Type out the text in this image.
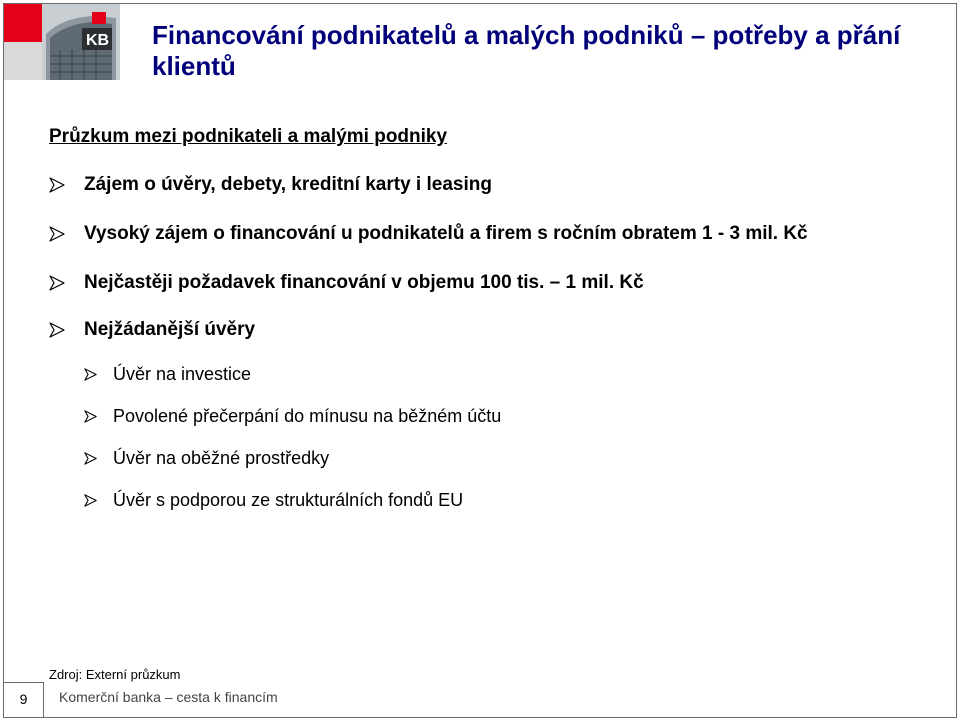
KB Financování podnikatelů a malých podniků – potřeby a přání klientů
Průzkum mezi podnikateli a malými podniky
Zájem o úvěry, debety, kreditní karty i leasing
Vysoký zájem o financování u podnikatelů a firem s ročním obratem 1 - 3 mil. Kč
Nejčastěji požadavek financování v objemu 100 tis. – 1 mil. Kč
Nejžádanější úvěry
Úvěr na investice
Povolené přečerpání do mínusu na běžném účtu
Úvěr na oběžné prostředky
Úvěr s podporou ze strukturálních fondů EU
Zdroj: Externí průzkum
9	Komerční banka – cesta k financím
